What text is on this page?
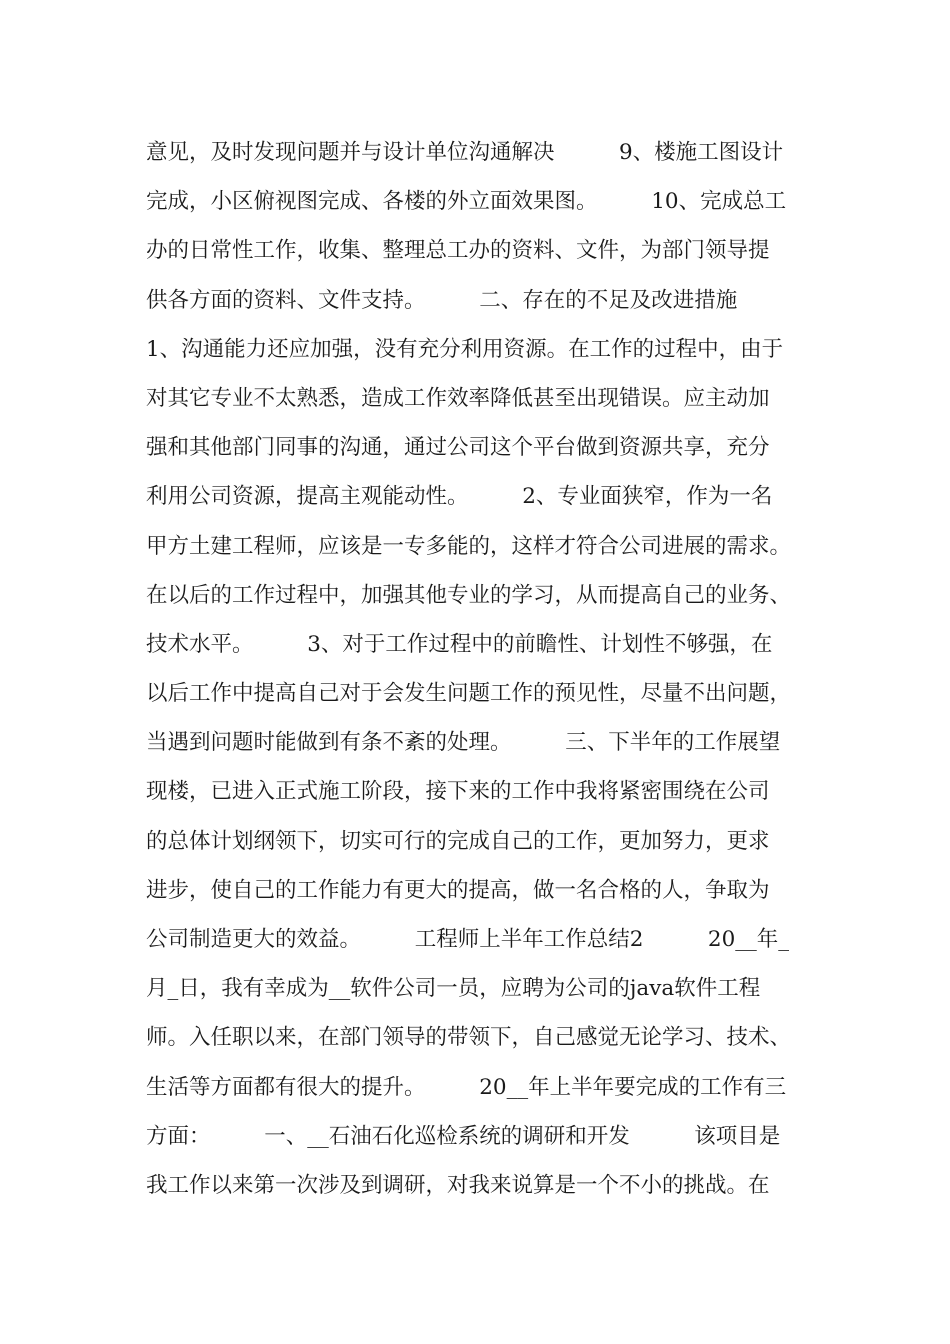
意见，及时发现问题并与设计单位沟通解决　　　9、楼施工图设计
完成，小区俯视图完成、各楼的外立面效果图。　　　10、完成总工
办的日常性工作，收集、整理总工办的资料、文件，为部门领导提
供各方面的资料、文件支持。　　　二、存在的不足及改进措施
1、沟通能力还应加强，没有充分利用资源。在工作的过程中，由于
对其它专业不太熟悉，造成工作效率降低甚至出现错误。应主动加
强和其他部门同事的沟通，通过公司这个平台做到资源共享，充分
利用公司资源，提高主观能动性。　　　2、专业面狭窄，作为一名
甲方土建工程师，应该是一专多能的，这样才符合公司进展的需求。
在以后的工作过程中，加强其他专业的学习，从而提高自己的业务、
技术水平。　　　3、对于工作过程中的前瞻性、计划性不够强，在
以后工作中提高自己对于会发生问题工作的预见性，尽量不出问题，
当遇到问题时能做到有条不紊的处理。　　　三、下半年的工作展望
现楼，已进入正式施工阶段，接下来的工作中我将紧密围绕在公司
的总体计划纲领下，切实可行的完成自己的工作，更加努力，更求
进步，使自己的工作能力有更大的提高，做一名合格的人，争取为
公司制造更大的效益。　　　工程师上半年工作总结2　　　20__年_
月_日，我有幸成为__软件公司一员，应聘为公司的java软件工程
师。入任职以来，在部门领导的带领下，自己感觉无论学习、技术、
生活等方面都有很大的提升。　　　20__年上半年要完成的工作有三
方面：　　　一、__石油石化巡检系统的调研和开发　　　该项目是
我工作以来第一次涉及到调研，对我来说算是一个不小的挑战。在
